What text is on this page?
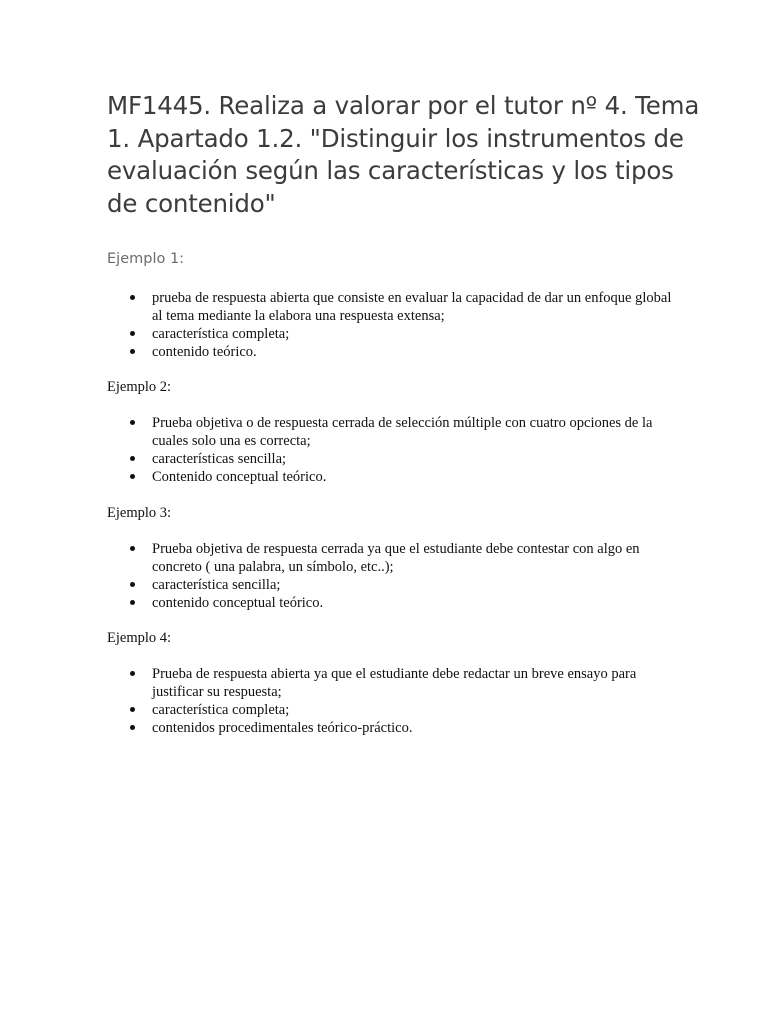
MF1445. Realiza a valorar por el tutor nº 4. Tema 1. Apartado 1.2. "Distinguir los instrumentos de evaluación según las características y los tipos de contenido"

Ejemplo 1:

prueba de respuesta abierta que consiste en evaluar la capacidad de dar un enfoque global al tema mediante la elabora una respuesta extensa;
característica completa;
contenido teórico.

Ejemplo 2:

Prueba objetiva o de respuesta cerrada de selección múltiple con cuatro opciones de la cuales solo una es correcta;
características sencilla;
Contenido conceptual teórico.

Ejemplo 3:

Prueba objetiva de respuesta cerrada ya que el estudiante debe contestar con algo en concreto ( una palabra, un símbolo, etc..);
característica sencilla;
contenido conceptual teórico.

Ejemplo 4:

Prueba de respuesta abierta ya que el estudiante debe redactar un breve ensayo para justificar su respuesta;
característica completa;
contenidos procedimentales teórico-práctico.
